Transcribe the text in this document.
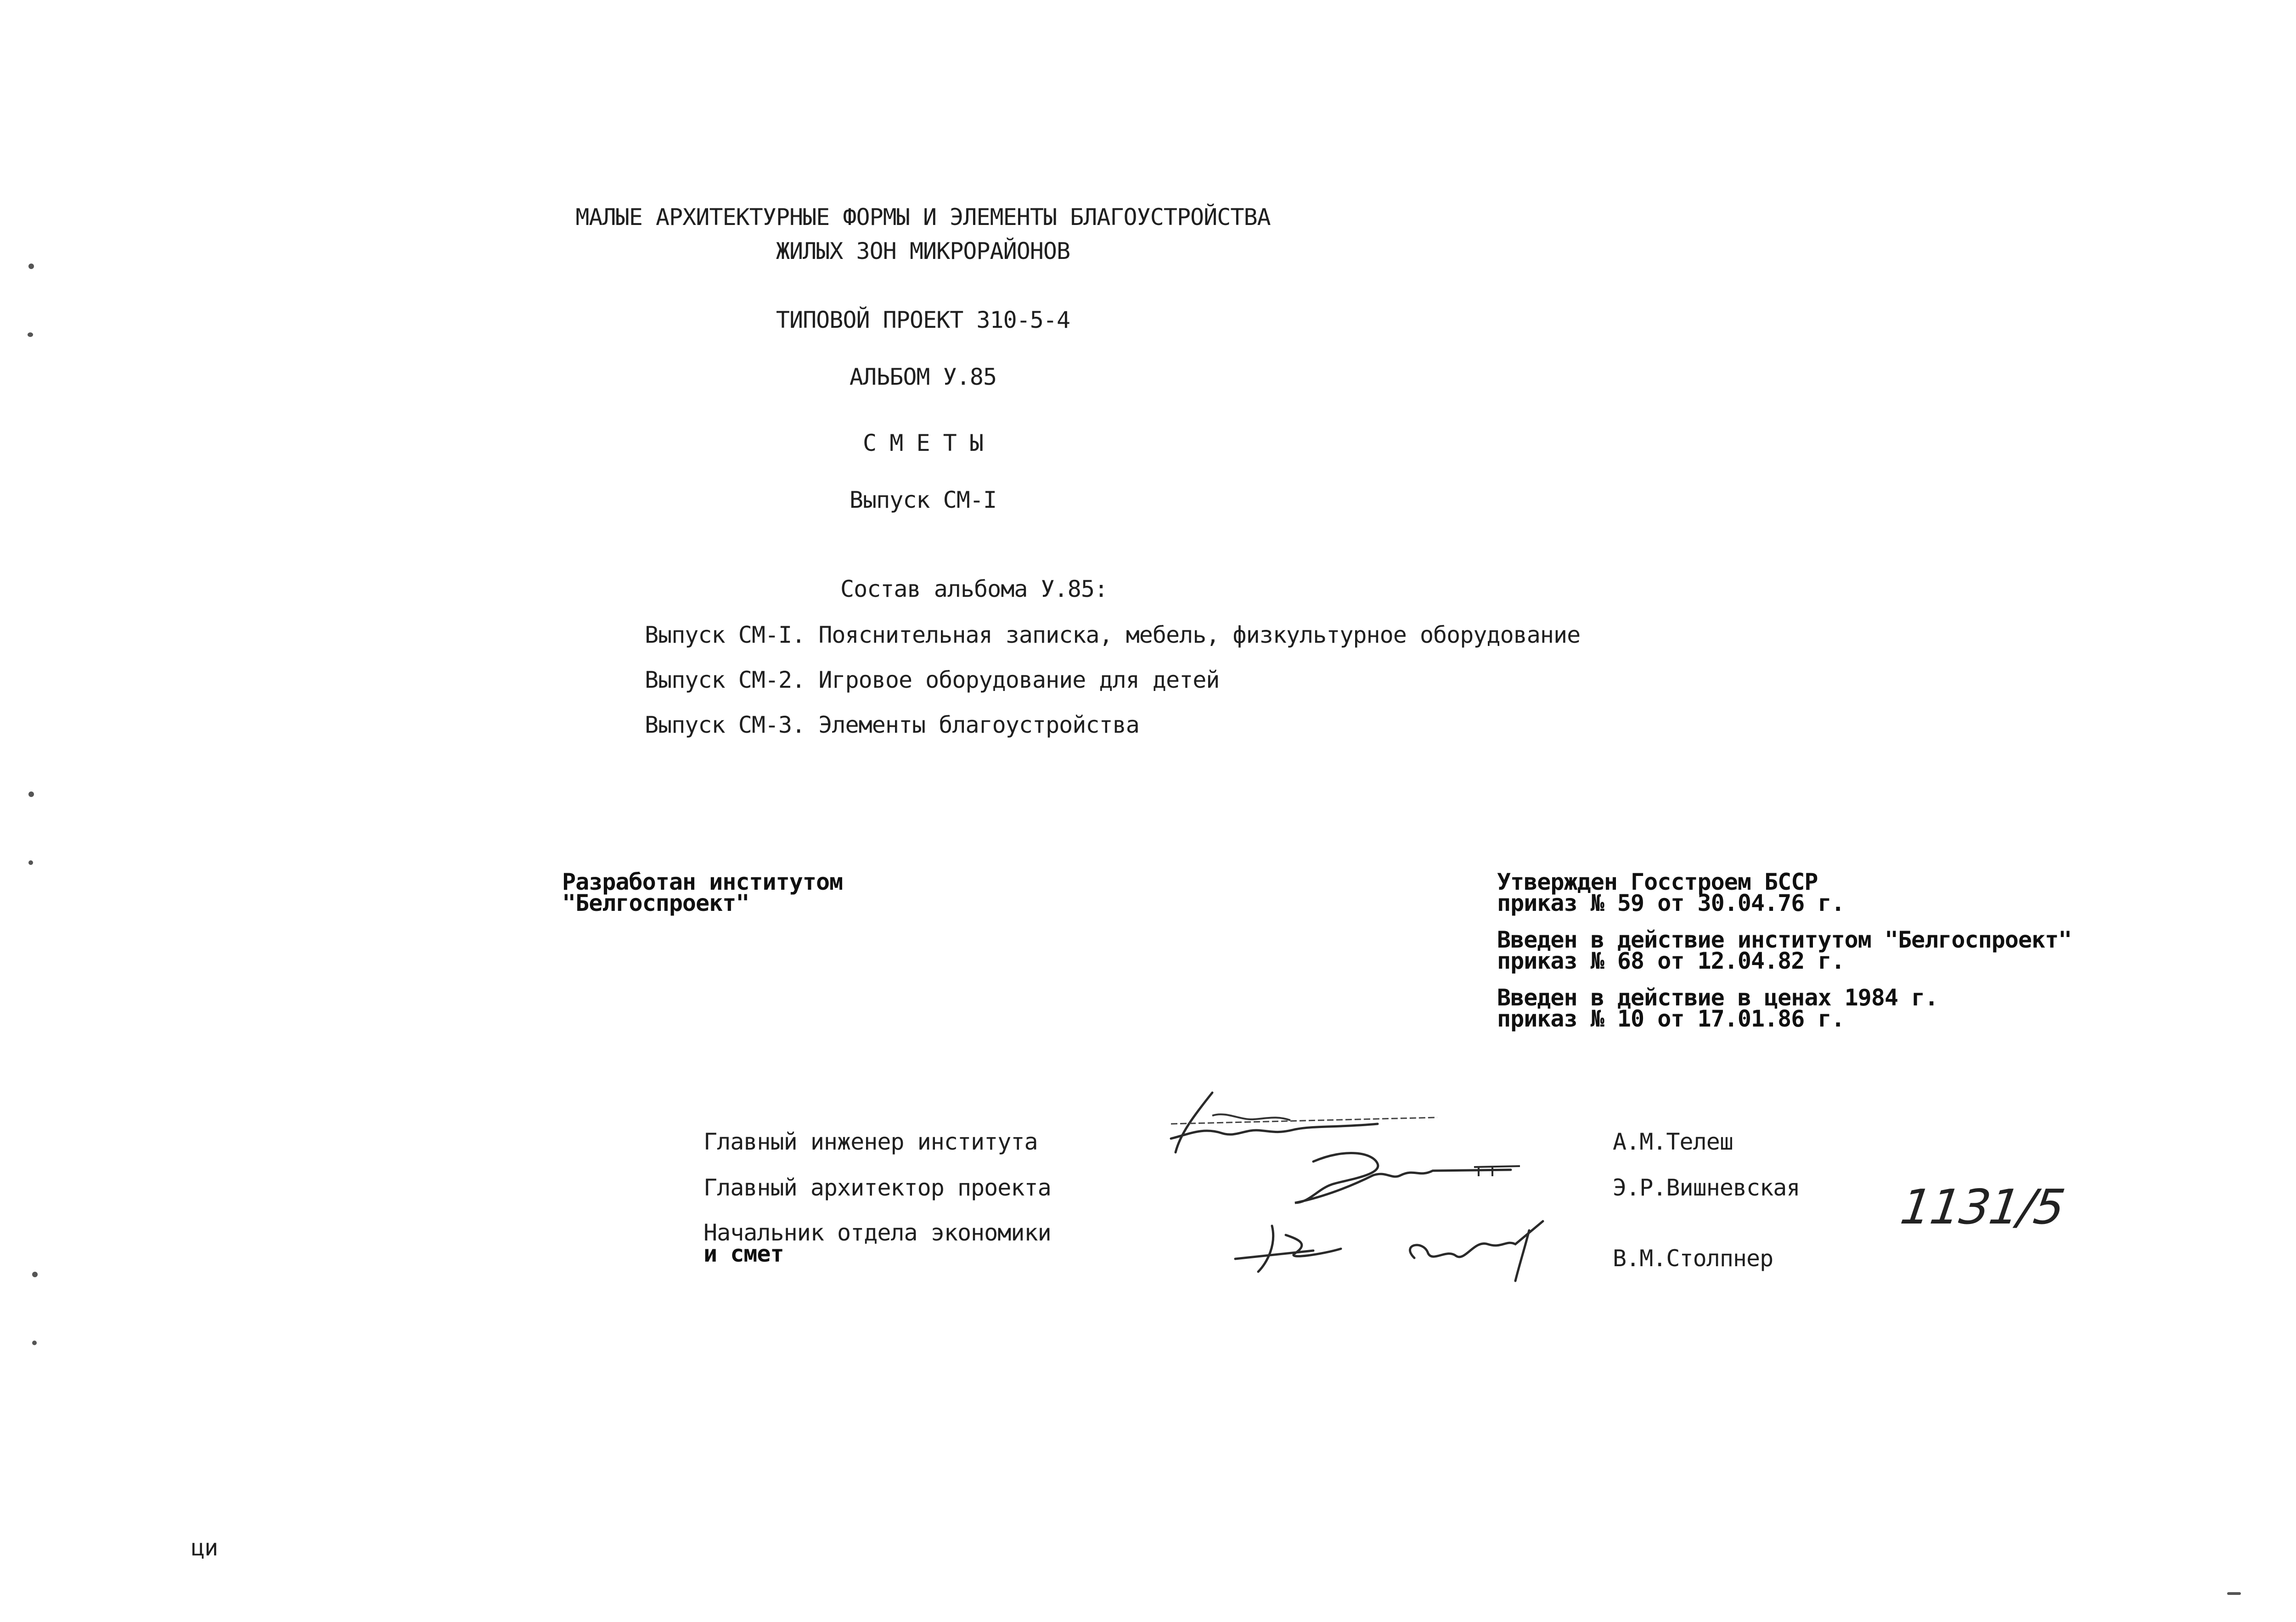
МАЛЫЕ АРХИТЕКТУРНЫЕ ФОРМЫ И ЭЛЕМЕНТЫ БЛАГОУСТРОЙСТВА
ЖИЛЫХ ЗОН МИКРОРАЙОНОВ
ТИПОВОЙ ПРОЕКТ 310-5-4
АЛЬБОМ У.85
С М Е Т Ы
Выпуск СМ-I
Состав альбома У.85:
Выпуск СМ-I. Пояснительная записка, мебель, физкультурное оборудование
Выпуск СМ-2. Игровое оборудование для детей
Выпуск СМ-3. Элементы благоустройства
Разработан институтом
"Белгоспроект"
Утвержден Госстроем БССР
приказ № 59 от 30.04.76 г.
Введен в действие институтом "Белгоспроект"
приказ № 68 от 12.04.82 г.
Введен в действие в ценах 1984 г.
приказ № 10 от 17.01.86 г.
Главный инженер института	А.М.Телеш
Главный архитектор проекта	Э.Р.Вишневская
Начальник отдела экономики
и смет	В.М.Столпнер
1131/5
ци
